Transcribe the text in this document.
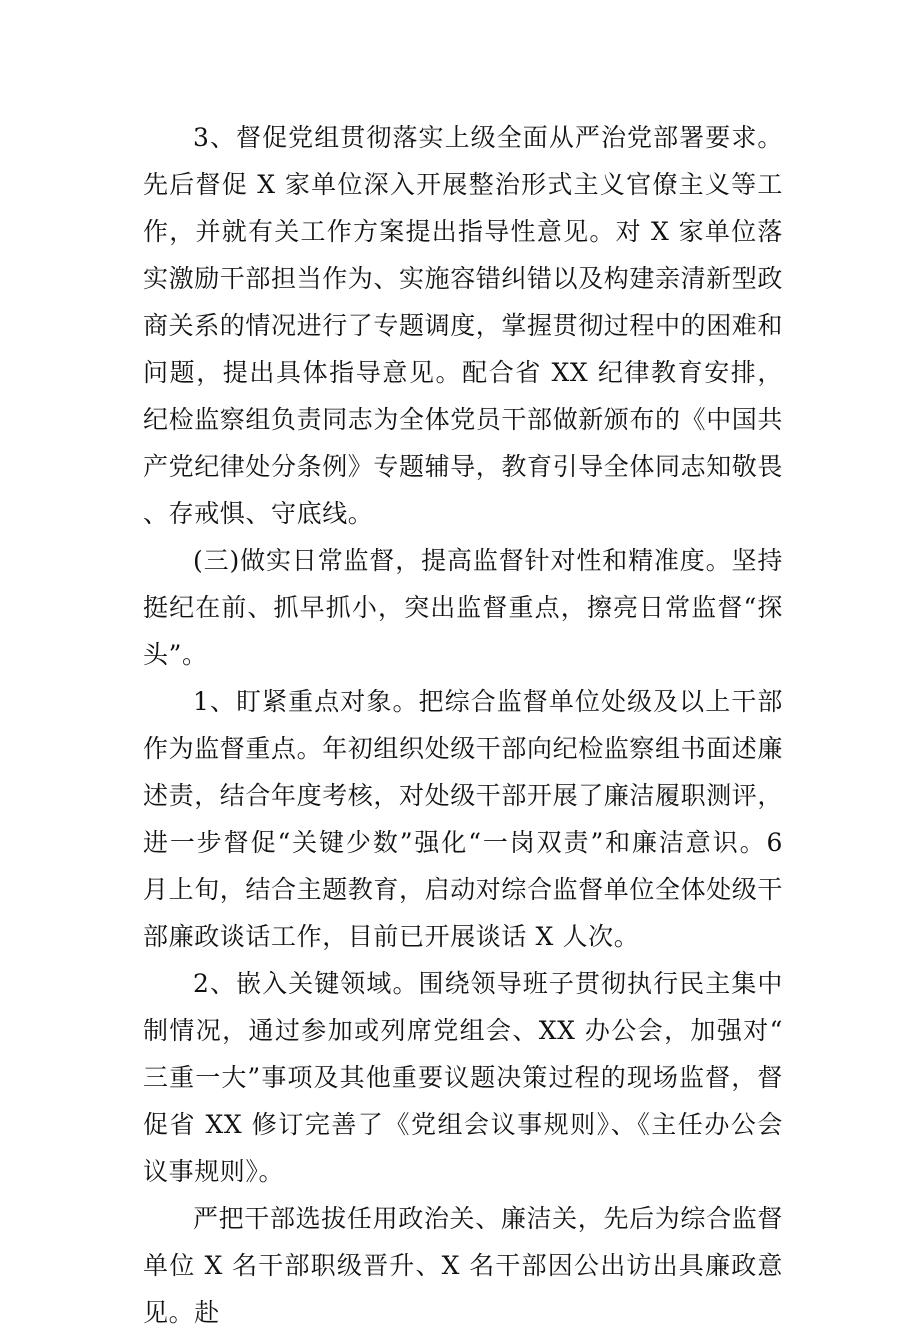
3、督促党组贯彻落实上级全面从严治党部署要求。先后督促 X 家单位深入开展整治形式主义官僚主义等工作，并就有关工作方案提出指导性意见。对 X 家单位落实激励干部担当作为、实施容错纠错以及构建亲清新型政商关系的情况进行了专题调度，掌握贯彻过程中的困难和问题，提出具体指导意见。配合省 XX 纪律教育安排，纪检监察组负责同志为全体党员干部做新颁布的《中国共产党纪律处分条例》专题辅导，教育引导全体同志知敬畏、存戒惧、守底线。

(三)做实日常监督，提高监督针对性和精准度。坚持挺纪在前、抓早抓小，突出监督重点，擦亮日常监督“探头”。

1、盯紧重点对象。把综合监督单位处级及以上干部作为监督重点。年初组织处级干部向纪检监察组书面述廉述责，结合年度考核，对处级干部开展了廉洁履职测评，进一步督促“关键少数”强化“一岗双责”和廉洁意识。6 月上旬，结合主题教育，启动对综合监督单位全体处级干部廉政谈话工作，目前已开展谈话 X 人次。

2、嵌入关键领域。围绕领导班子贯彻执行民主集中制情况，通过参加或列席党组会、XX 办公会，加强对“三重一大”事项及其他重要议题决策过程的现场监督，督促省 XX 修订完善了《党组会议事规则》、《主任办公会议事规则》。

严把干部选拔任用政治关、廉洁关，先后为综合监督单位 X 名干部职级晋升、X 名干部因公出访出具廉政意见。赴
